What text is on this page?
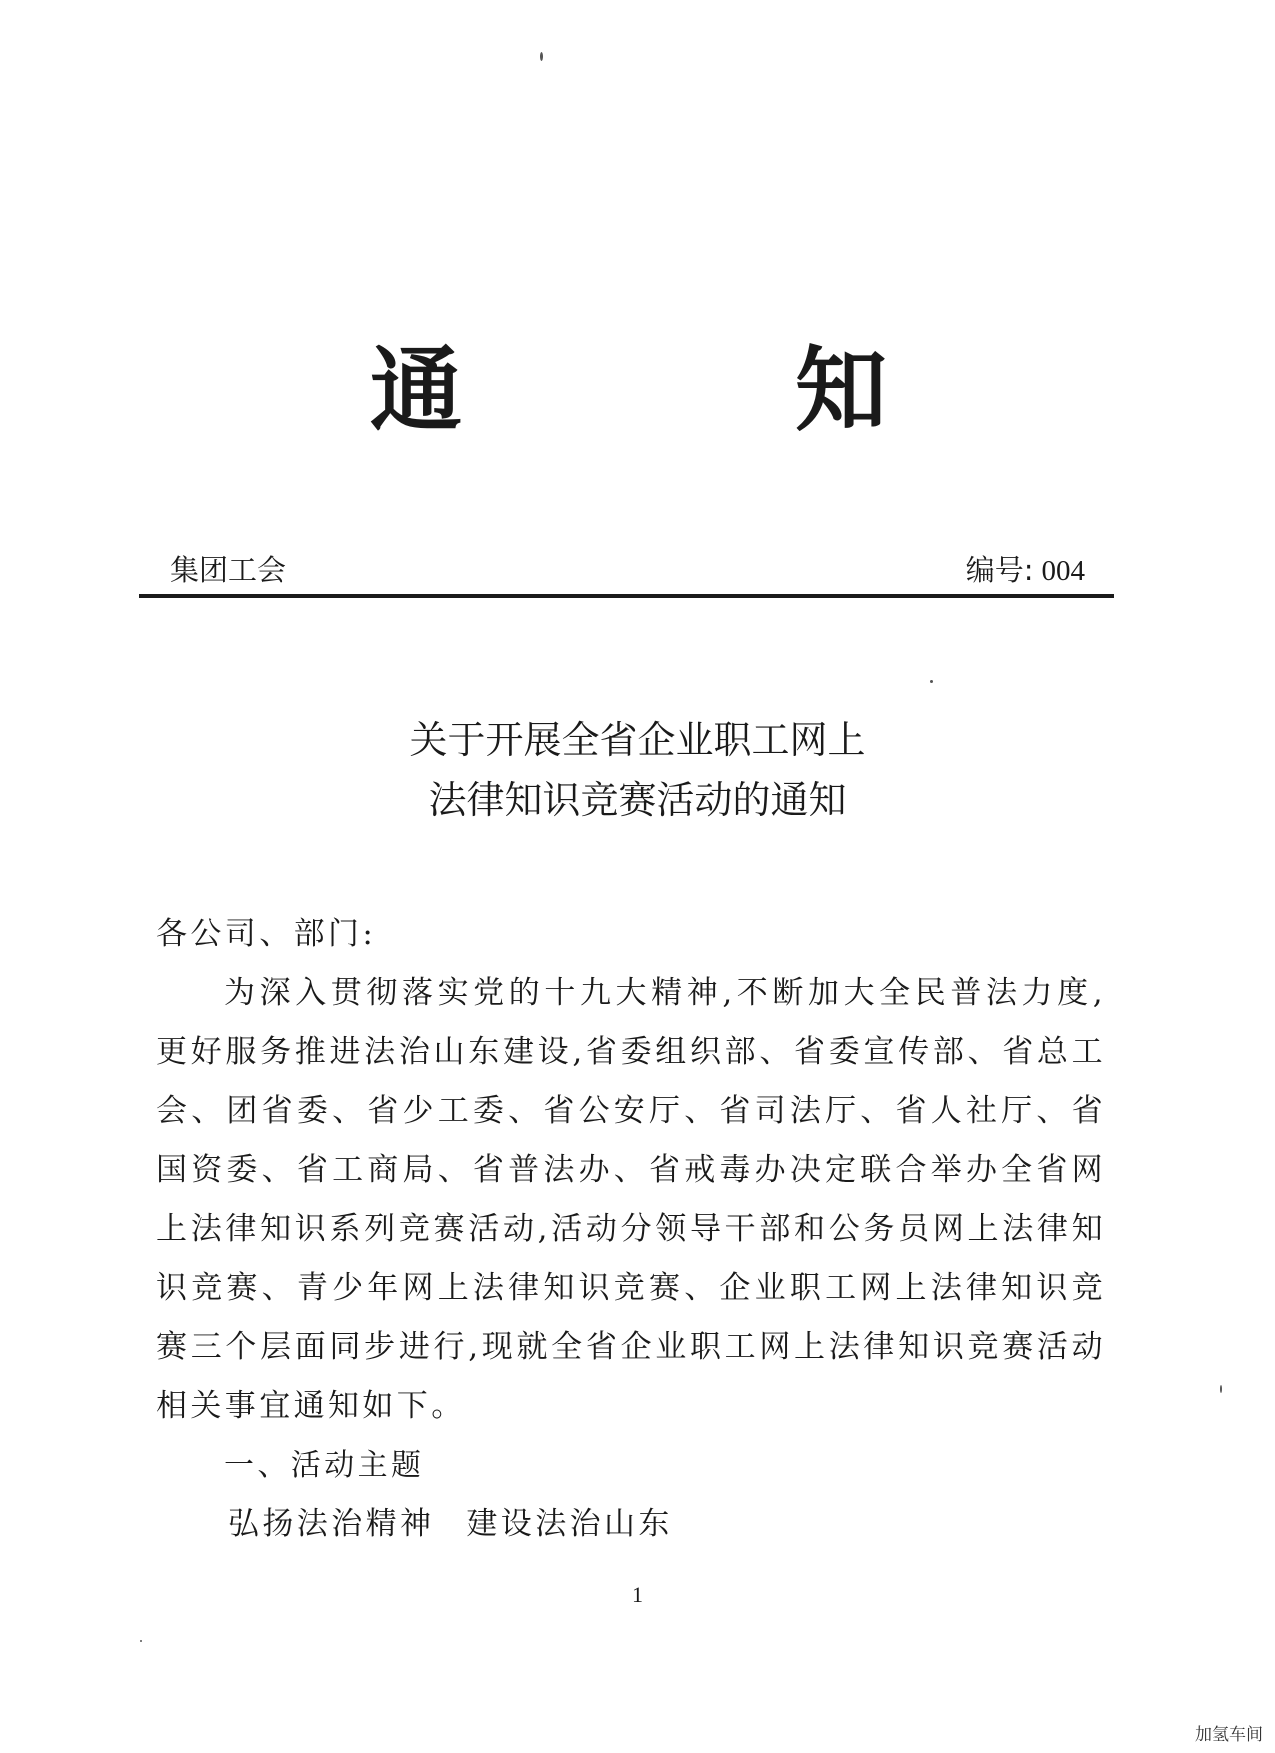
通	知
集团工会	编号: 004
关于开展全省企业职工网上
法律知识竞赛活动的通知

各公司、部门:

为深入贯彻落实党的十九大精神,不断加大全民普法力度,更好服务推进法治山东建设,省委组织部、省委宣传部、省总工会、团省委、省少工委、省公安厅、省司法厅、省人社厅、省国资委、省工商局、省普法办、省戒毒办决定联合举办全省网上法律知识系列竞赛活动,活动分领导干部和公务员网上法律知识竞赛、青少年网上法律知识竞赛、企业职工网上法律知识竞赛三个层面同步进行,现就全省企业职工网上法律知识竞赛活动相关事宜通知如下。

一、活动主题

弘扬法治精神 建设法治山东

1
加氢车间
